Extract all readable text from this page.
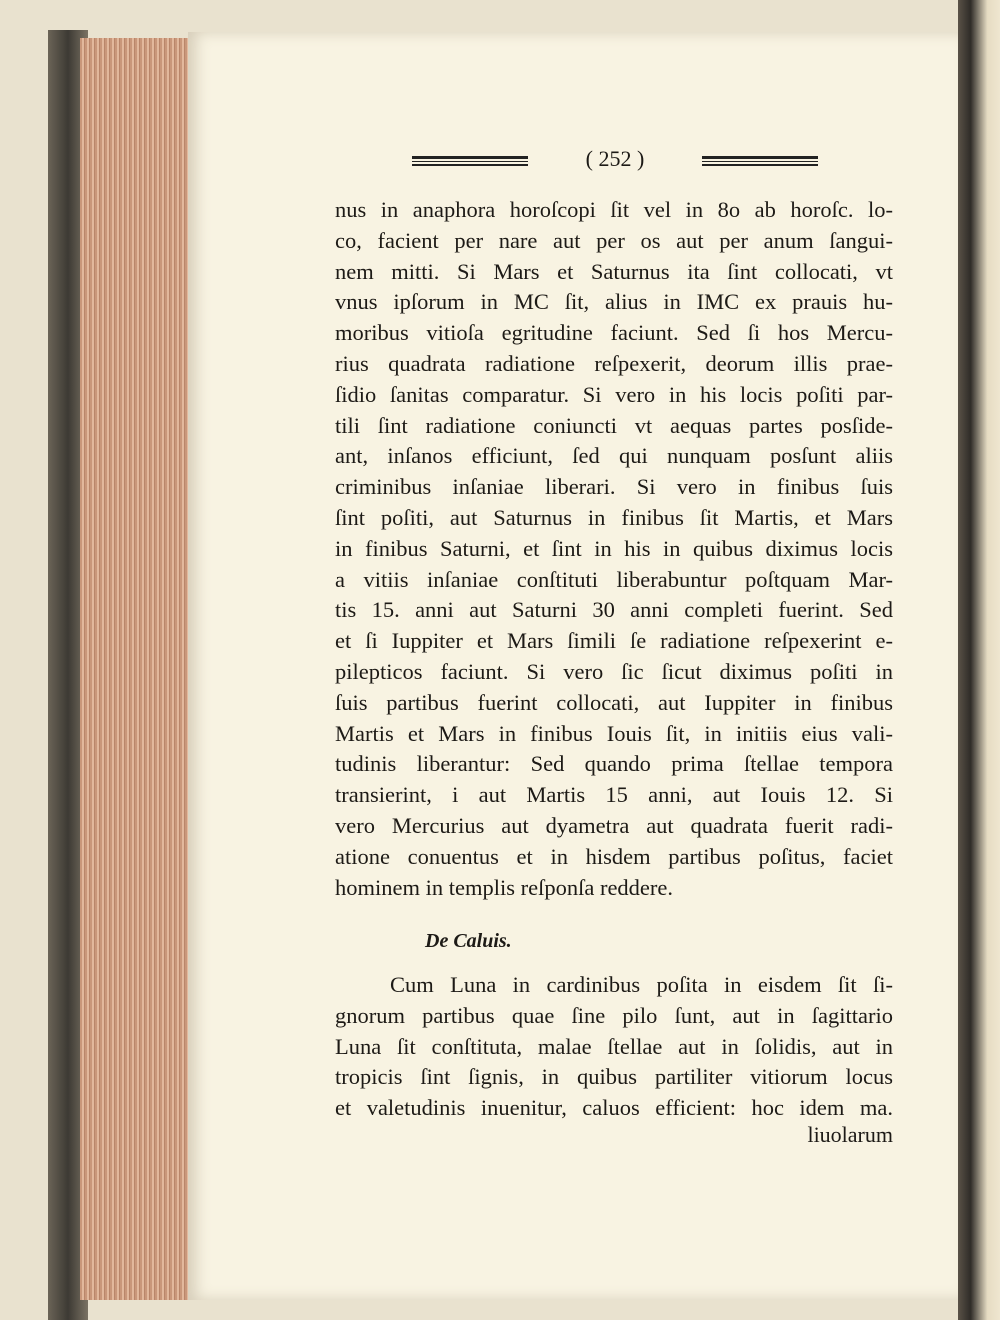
( 252 )
nus in anaphora horoſcopi ſit vel in 8o ab horoſc. lo-
co, facient per nare aut per os aut per anum ſangui-
nem mitti. Si Mars et Saturnus ita ſint collocati, vt
vnus ipſorum in MC ſit, alius in IMC ex prauis hu-
moribus vitioſa egritudine faciunt. Sed ſi hos Mercu-
rius quadrata radiatione reſpexerit, deorum illis prae-
ſidio ſanitas comparatur. Si vero in his locis poſiti par-
tili ſint radiatione coniuncti vt aequas partes posſide-
ant, inſanos efficiunt, ſed qui nunquam posſunt aliis
criminibus inſaniae liberari. Si vero in finibus ſuis
ſint poſiti, aut Saturnus in finibus ſit Martis, et Mars
in finibus Saturni, et ſint in his in quibus diximus locis
a vitiis inſaniae conſtituti liberabuntur poſtquam Mar-
tis 15. anni aut Saturni 30 anni completi fuerint. Sed
et ſi Iuppiter et Mars ſimili ſe radiatione reſpexerint e-
pilepticos faciunt. Si vero ſic ſicut diximus poſiti in
ſuis partibus fuerint collocati, aut Iuppiter in finibus
Martis et Mars in finibus Iouis ſit, in initiis eius vali-
tudinis liberantur: Sed quando prima ſtellae tempora
transierint, i aut Martis 15 anni, aut Iouis 12. Si
vero Mercurius aut dyametra aut quadrata fuerit radi-
atione conuentus et in hisdem partibus poſitus, faciet
hominem in templis reſponſa reddere.
De Caluis.
Cum Luna in cardinibus poſita in eisdem ſit ſi-
gnorum partibus quae ſine pilo ſunt, aut in ſagittario
Luna ſit conſtituta, malae ſtellae aut in ſolidis, aut in
tropicis ſint ſignis, in quibus partiliter vitiorum locus
et valetudinis inuenitur, caluos efficient: hoc idem ma.
liuolarum
